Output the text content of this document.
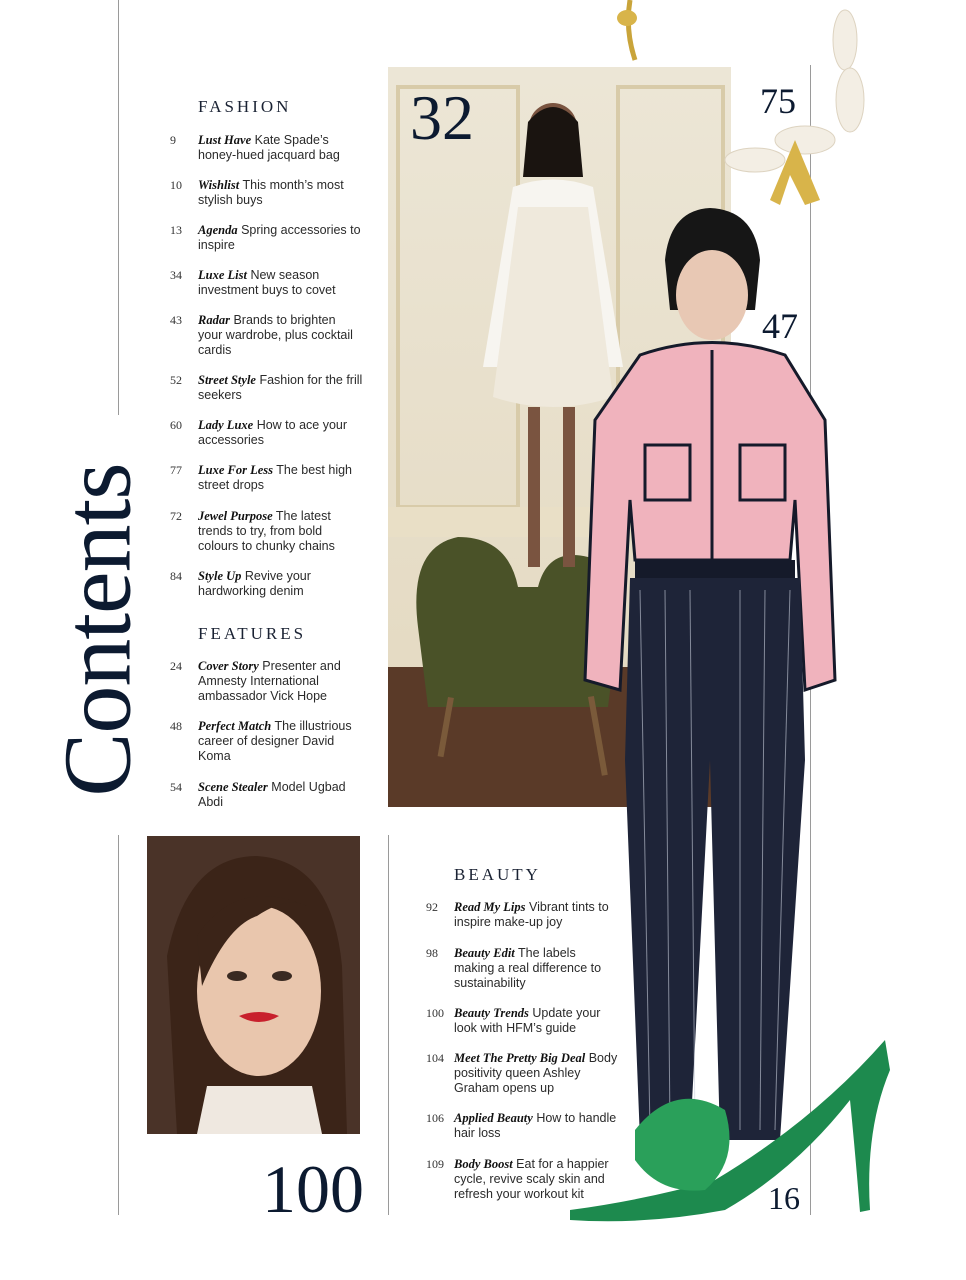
Contents
FASHION
9 Lust Have Kate Spade’s honey-hued jacquard bag
10 Wishlist This month’s most stylish buys
13 Agenda Spring accessories to inspire
34 Luxe List New season investment buys to covet
43 Radar Brands to brighten your wardrobe, plus cocktail cardis
52 Street Style Fashion for the frill seekers
60 Lady Luxe How to ace your accessories
77 Luxe For Less The best high street drops
72 Jewel Purpose The latest trends to try, from bold colours to chunky chains
84 Style Up Revive your hardworking denim
FEATURES
24 Cover Story Presenter and Amnesty International ambassador Vick Hope
48 Perfect Match The illustrious career of designer David Koma
54 Scene Stealer Model Ugbad Abdi
BEAUTY
92 Read My Lips Vibrant tints to inspire make-up joy
98 Beauty Edit The labels making a real difference to sustainability
100 Beauty Trends Update your look with HFM’s guide
104 Meet The Pretty Big Deal Body positivity queen Ashley Graham opens up
106 Applied Beauty How to handle hair loss
109 Body Boost Eat for a happier cycle, revive scaly skin and refresh your workout kit
32	75
47
16
100
